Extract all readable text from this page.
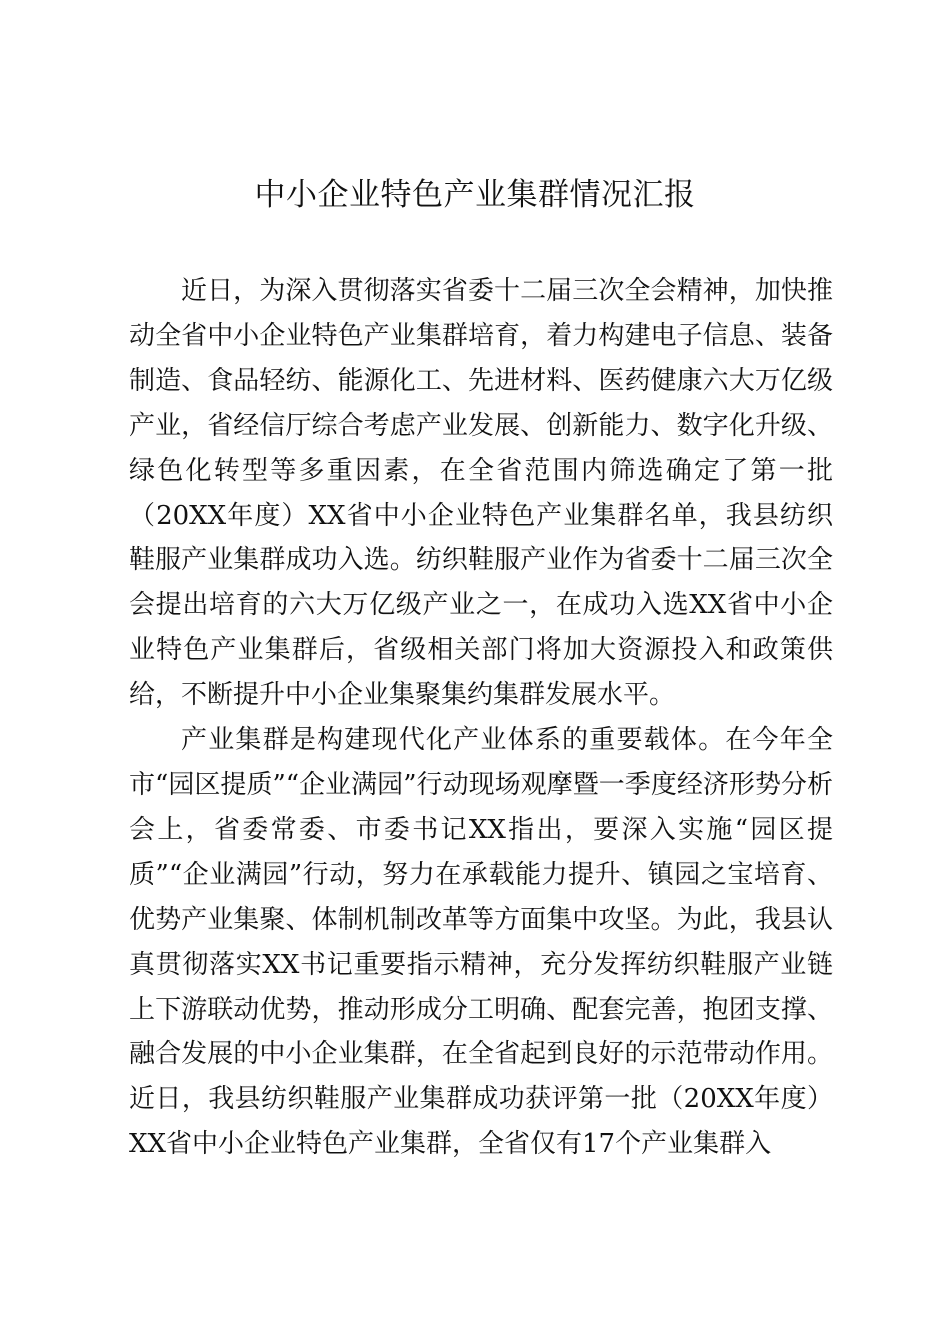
中小企业特色产业集群情况汇报

近日，为深入贯彻落实省委十二届三次全会精神，加快推动全省中小企业特色产业集群培育，着力构建电子信息、装备制造、食品轻纺、能源化工、先进材料、医药健康六大万亿级产业，省经信厅综合考虑产业发展、创新能力、数字化升级、绿色化转型等多重因素，在全省范围内筛选确定了第一批（20XX年度）XX省中小企业特色产业集群名单，我县纺织鞋服产业集群成功入选。纺织鞋服产业作为省委十二届三次全会提出培育的六大万亿级产业之一，在成功入选XX省中小企业特色产业集群后，省级相关部门将加大资源投入和政策供给，不断提升中小企业集聚集约集群发展水平。

产业集群是构建现代化产业体系的重要载体。在今年全市“园区提质”“企业满园”行动现场观摩暨一季度经济形势分析会上，省委常委、市委书记XX指出，要深入实施“园区提质”“企业满园”行动，努力在承载能力提升、镇园之宝培育、优势产业集聚、体制机制改革等方面集中攻坚。为此，我县认真贯彻落实XX书记重要指示精神，充分发挥纺织鞋服产业链上下游联动优势，推动形成分工明确、配套完善，抱团支撑、融合发展的中小企业集群，在全省起到良好的示范带动作用。近日，我县纺织鞋服产业集群成功获评第一批（20XX年度）XX省中小企业特色产业集群，全省仅有17个产业集群入
